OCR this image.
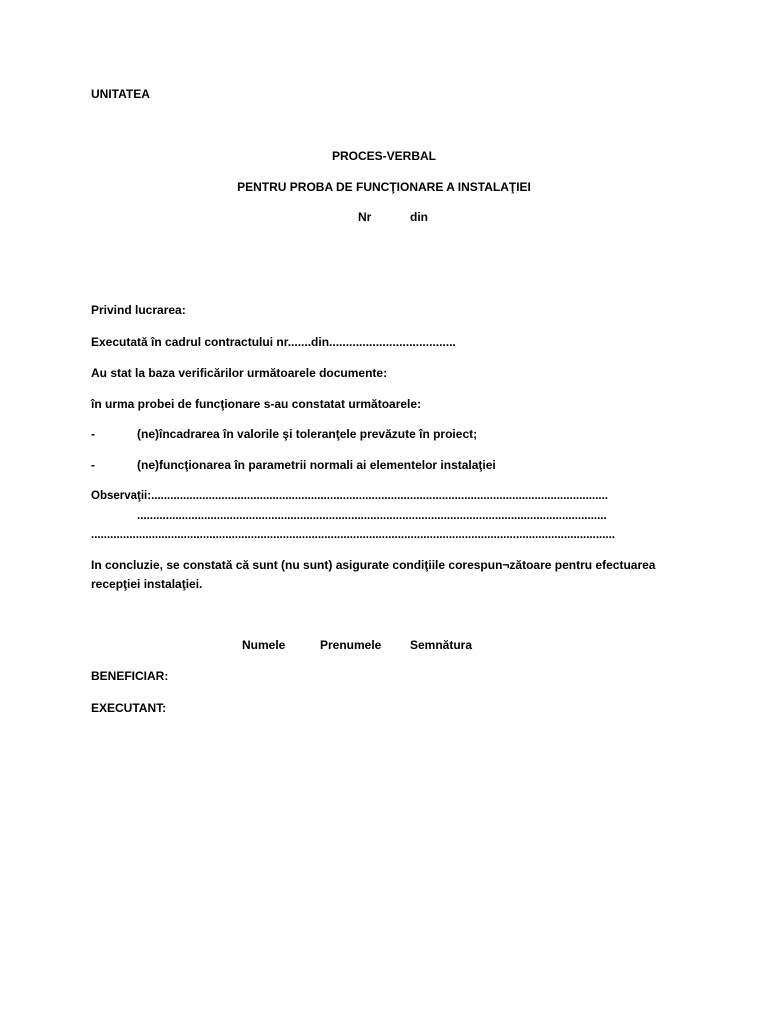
UNITATEA
PROCES-VERBAL
PENTRU PROBA DE FUNCŢIONARE A INSTALAŢIEI
Nr	din
Privind lucrarea:
Executată în cadrul contractului nr.......din......................................
Au stat la baza verificărilor următoarele documente:
în urma probei de funcţionare s-au constatat următoarele:
-	(ne)încadrarea în valorile şi toleranţele prevăzute în proiect;
-	(ne)funcţionarea în parametrii normali ai elementelor instalaţiei
Observaţii:...............................................................................................................................................
...................................................................................................................................................
....................................................................................................................................................................
In concluzie, se constată că sunt (nu sunt) asigurate condiţiile corespun¬zătoare pentru efectuarea recepţiei instalaţiei.
Numele	Prenumele Semnătura
BENEFICIAR:
EXECUTANT:
